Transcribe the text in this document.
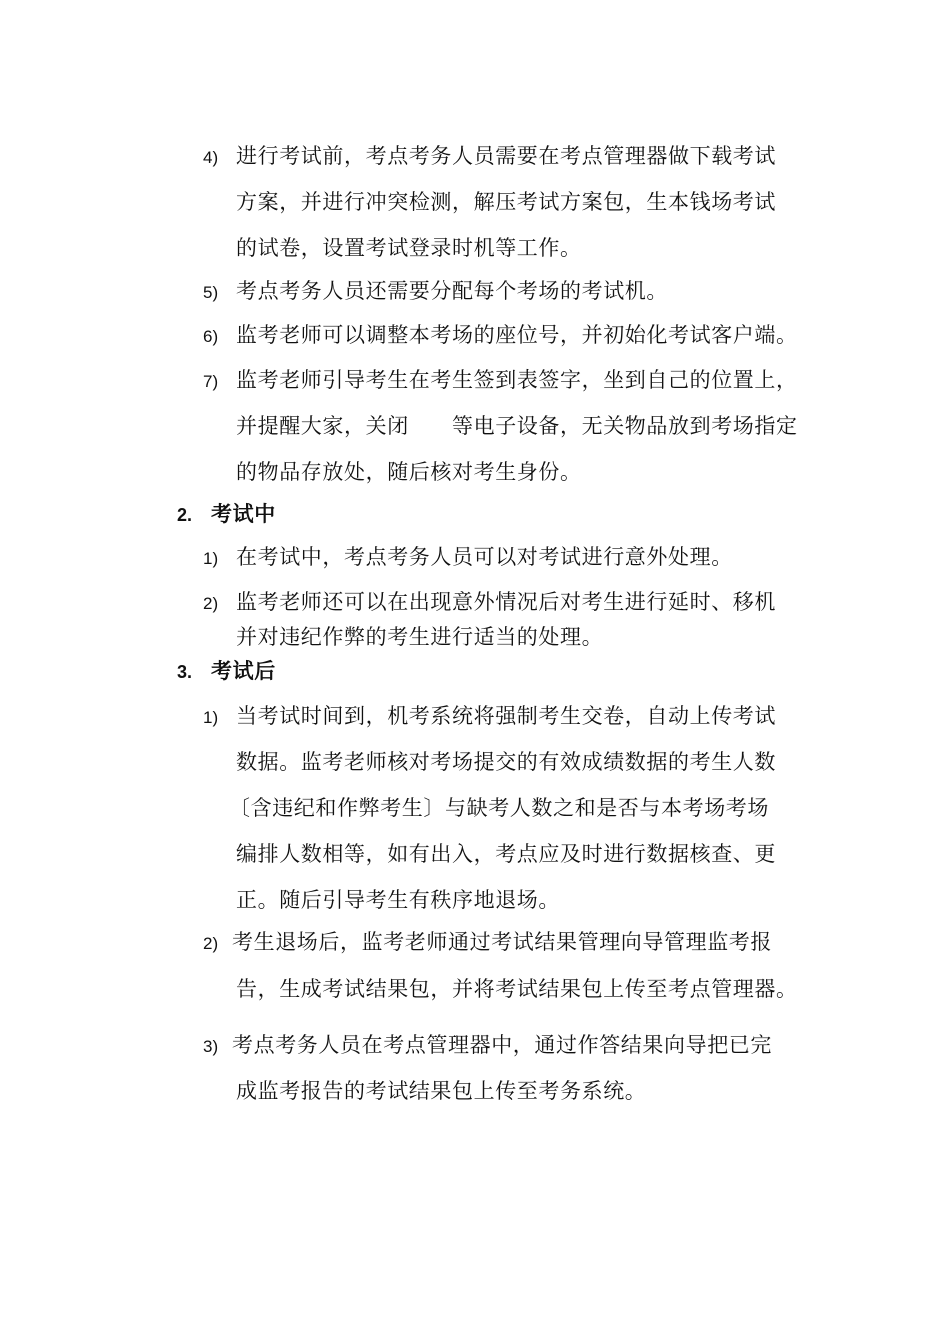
4) 进行考试前，考点考务人员需要在考点管理器做下载考试
方案，并进行冲突检测，解压考试方案包，生本钱场考试
的试卷，设置考试登录时机等工作。
5) 考点考务人员还需要分配每个考场的考试机。
6) 监考老师可以调整本考场的座位号，并初始化考试客户端。
7) 监考老师引导考生在考生签到表签字，坐到自己的位置上，
并提醒大家，关闭　　等电子设备，无关物品放到考场指定
的物品存放处，随后核对考生身份。
2. 考试中
1) 在考试中，考点考务人员可以对考试进行意外处理。
2) 监考老师还可以在出现意外情况后对考生进行延时、移机
并对违纪作弊的考生进行适当的处理。
3. 考试后
1) 当考试时间到，机考系统将强制考生交卷，自动上传考试
数据。监考老师核对考场提交的有效成绩数据的考生人数
〔含违纪和作弊考生〕与缺考人数之和是否与本考场考场
编排人数相等，如有出入，考点应及时进行数据核查、更
正。随后引导考生有秩序地退场。
2) 考生退场后，监考老师通过考试结果管理向导管理监考报
告，生成考试结果包，并将考试结果包上传至考点管理器。
3) 考点考务人员在考点管理器中，通过作答结果向导把已完
成监考报告的考试结果包上传至考务系统。
